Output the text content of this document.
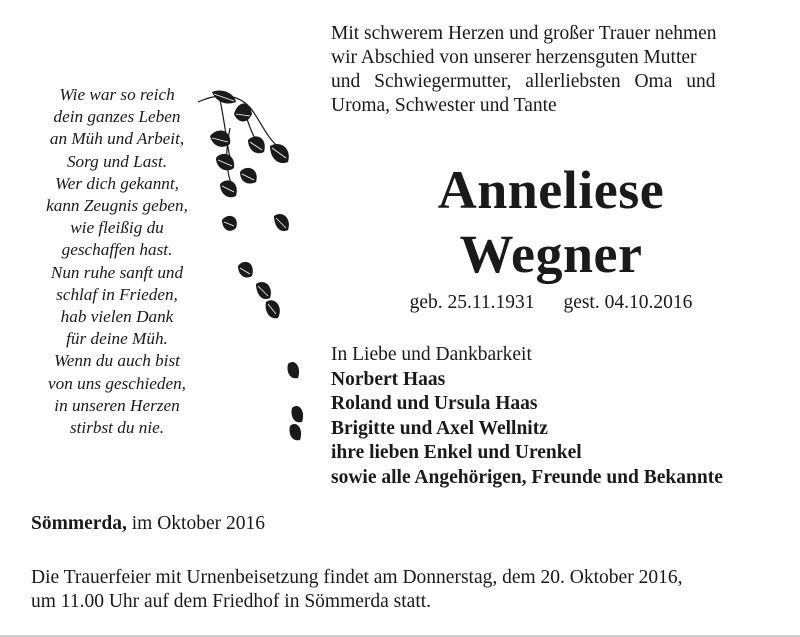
Wie war so reich
dein ganzes Leben
an Müh und Arbeit,
Sorg und Last.
Wer dich gekannt,
kann Zeugnis geben,
wie fleißig du
geschaffen hast.
Nun ruhe sanft und
schlaf in Frieden,
hab vielen Dank
für deine Müh.
Wenn du auch bist
von uns geschieden,
in unseren Herzen
stirbst du nie.
Mit schwerem Herzen und großer Trauer nehmen
wir Abschied von unserer herzensguten Mutter
und Schwiegermutter, allerliebsten Oma und
Uroma, Schwester und Tante
Anneliese
Wegner
geb. 25.11.1931 gest. 04.10.2016
In Liebe und Dankbarkeit
Norbert Haas
Roland und Ursula Haas
Brigitte und Axel Wellnitz
ihre lieben Enkel und Urenkel
sowie alle Angehörigen, Freunde und Bekannte
Sömmerda, im Oktober 2016
Die Trauerfeier mit Urnenbeisetzung findet am Donnerstag, dem 20. Oktober 2016,
um 11.00 Uhr auf dem Friedhof in Sömmerda statt.
